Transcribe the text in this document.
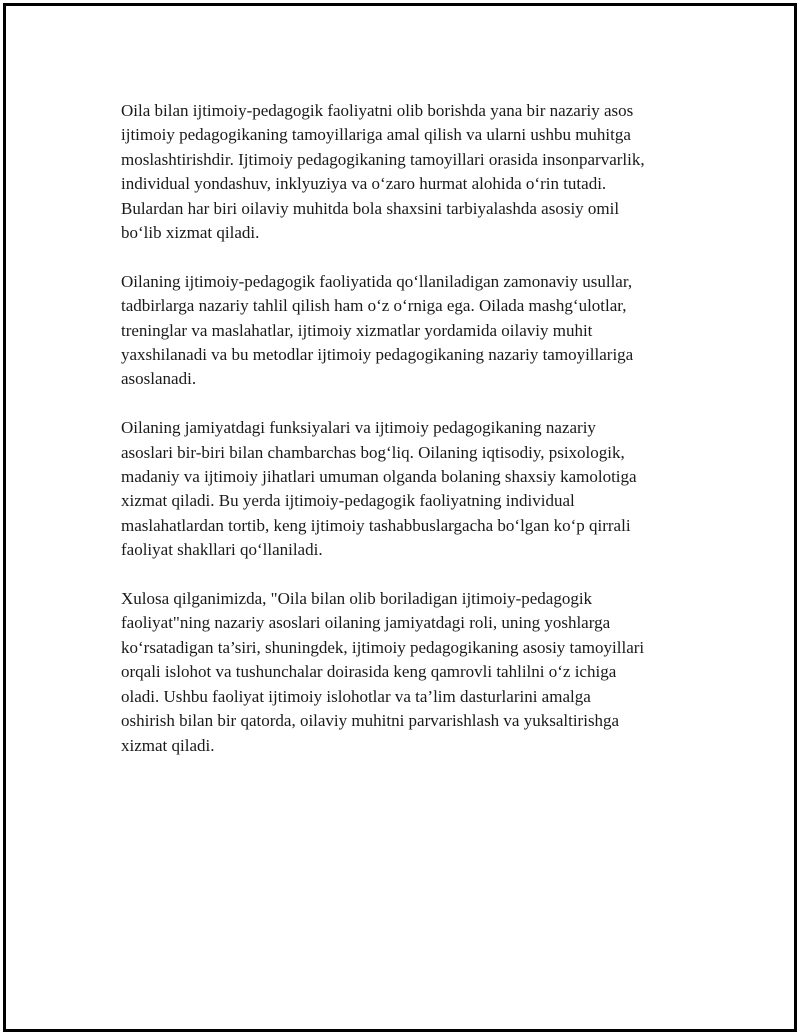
Oila bilan ijtimoiy-pedagogik faoliyatni olib borishda yana bir nazariy asos
ijtimoiy pedagogikaning tamoyillariga amal qilish va ularni ushbu muhitga
moslashtirishdir. Ijtimoiy pedagogikaning tamoyillari orasida insonparvarlik,
individual yondashuv, inklyuziya va o‘zaro hurmat alohida o‘rin tutadi.
Bulardan har biri oilaviy muhitda bola shaxsini tarbiyalashda asosiy omil
bo‘lib xizmat qiladi.

Oilaning ijtimoiy-pedagogik faoliyatida qo‘llaniladigan zamonaviy usullar,
tadbirlarga nazariy tahlil qilish ham o‘z o‘rniga ega. Oilada mashg‘ulotlar,
treninglar va maslahatlar, ijtimoiy xizmatlar yordamida oilaviy muhit
yaxshilanadi va bu metodlar ijtimoiy pedagogikaning nazariy tamoyillariga
asoslanadi.

Oilaning jamiyatdagi funksiyalari va ijtimoiy pedagogikaning nazariy
asoslari bir-biri bilan chambarchas bog‘liq. Oilaning iqtisodiy, psixologik,
madaniy va ijtimoiy jihatlari umuman olganda bolaning shaxsiy kamolotiga
xizmat qiladi. Bu yerda ijtimoiy-pedagogik faoliyatning individual
maslahatlardan tortib, keng ijtimoiy tashabbuslargacha bo‘lgan ko‘p qirrali
faoliyat shakllari qo‘llaniladi.

Xulosa qilganimizda, "Oila bilan olib boriladigan ijtimoiy-pedagogik
faoliyat"ning nazariy asoslari oilaning jamiyatdagi roli, uning yoshlarga
ko‘rsatadigan ta’siri, shuningdek, ijtimoiy pedagogikaning asosiy tamoyillari
orqali islohot va tushunchalar doirasida keng qamrovli tahlilni o‘z ichiga
oladi. Ushbu faoliyat ijtimoiy islohotlar va ta’lim dasturlarini amalga
oshirish bilan bir qatorda, oilaviy muhitni parvarishlash va yuksaltirishga
xizmat qiladi.
